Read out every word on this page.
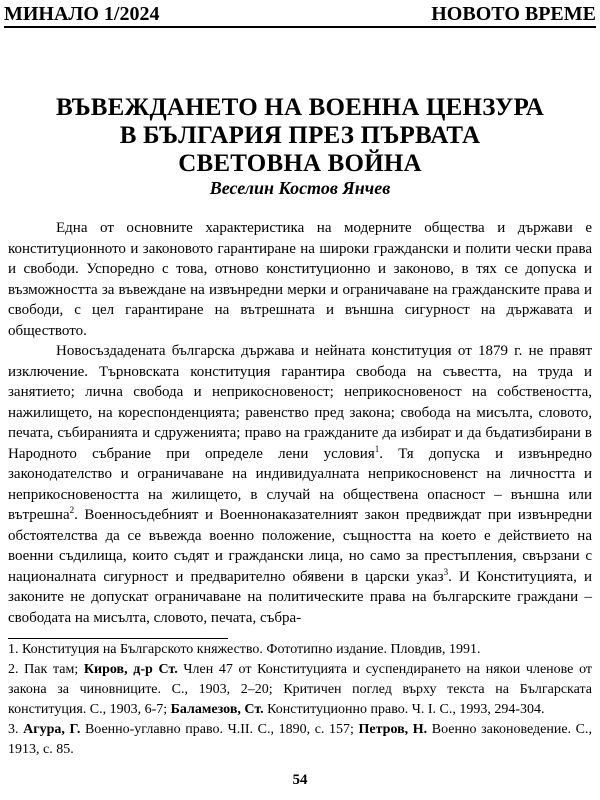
МИНАЛО 1/2024	НОВОТО ВРЕМЕ
ВЪВЕЖДАНЕТО НА ВОЕННА ЦЕНЗУРА
В БЪЛГАРИЯ ПРЕЗ ПЪРВАТА
СВЕТОВНА ВОЙНА
Веселин Костов Янчев

Една от основните характеристика на модерните общества и държави е конституционното и законовото гарантиране на широки граждански и полити чески права и свободи. Успоредно с това, отново конституционно и законово, в тях се допуска и възможността за въвеждане на извънредни мерки и ограничаване на гражданските права и свободи, с цел гарантиране на вътрешната и външна сигурност на държавата и обществото.

Новосъздадената българска държава и нейната конституция от 1879 г. не правят изключение. Търновската конституция гарантира свобода на съвестта, на труда и занятието; лична свобода и неприкосновеност; неприкосновеност на собствеността, нажилището, на кореспонденцията; равенство пред закона; свобода на мисълта, словото, печата, събиранията и сдруженията; право на гражданите да избират и да бъдатизбирани в Народното събрание при определе лени условия$^1$. Тя допуска и извънредно законодателство и ограничаване на индивидуалната неприкосновенст на личността и неприкосновеността на жилището, в случай на обществена опасност – външна или вътрешна$^2$. Военносъдебният и Военнонаказателният закон предвиждат при извънредни обстоятелства да се въвежда военно положение, същността на което е действието на военни съдилища, които съдят и граждански лица, но само за престъпления, свързани с националната сигурност и предварително обявени в царски указ$^3$. И Конституцията, и законите не допускат ограничаване на политическите права на българските граждани – свободата на мисълта, словото, печата, събра-

1. Конституция на Българското княжество. Фототипно издание. Пловдив, 1991.

2. Пак там; Киров, д-р Ст. Член 47 от Конституцията и суспендирането на някои членове от закона за чиновниците. С., 1903, 2–20; Критичен поглед върху текста на Българската конституция. С., 1903, 6-7; Баламезов, Ст. Конституционно право. Ч. I. С., 1993, 294-304.

3. Агура, Г. Военно-углавно право. Ч.II. С., 1890, с. 157; Петров, Н. Военно законоведение. С., 1913, с. 85.

54
